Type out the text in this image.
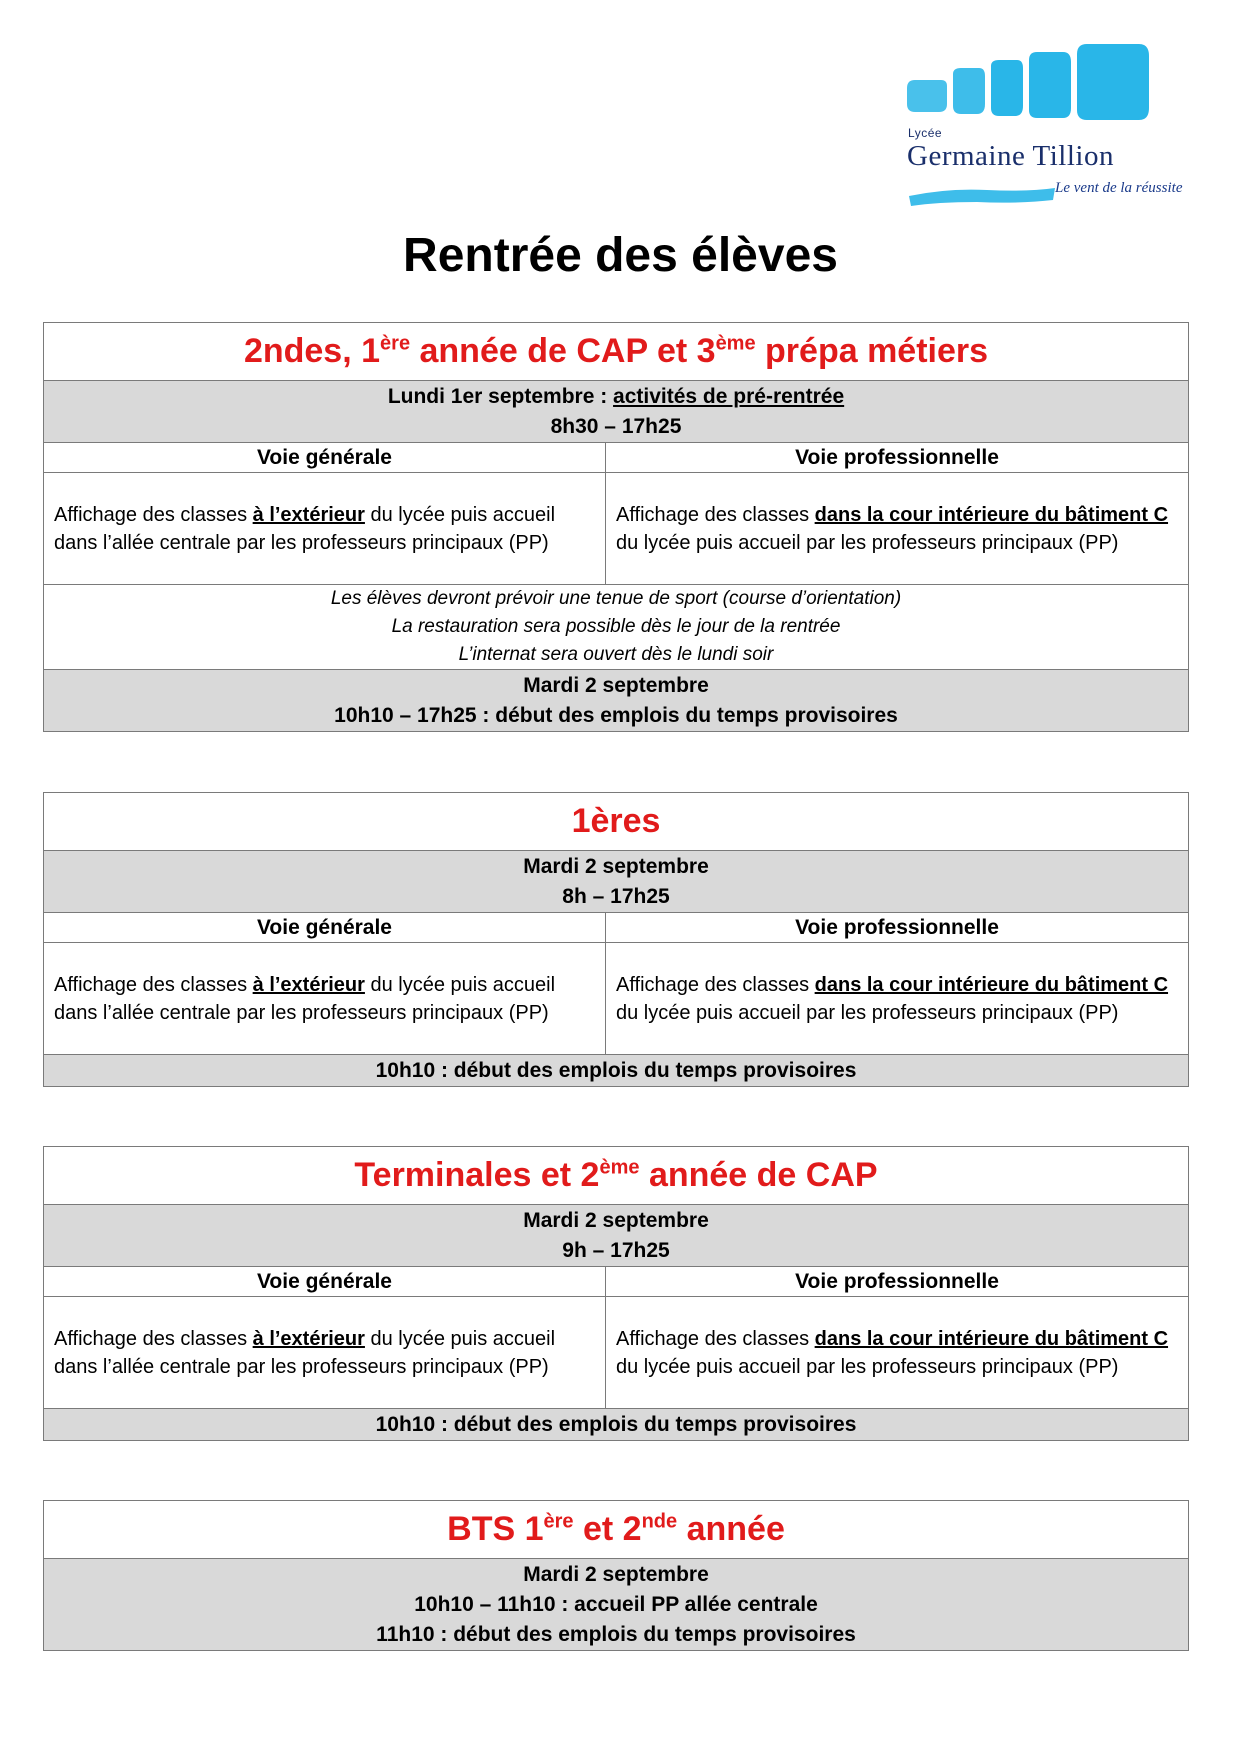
Lycée
Germaine Tillion
Le vent de la réussite
Rentrée des élèves
2ndes, 1ère année de CAP et 3ème prépa métiers	
Lundi 1er septembre : activités de pré-rentrée
8h30 – 17h25	
Voie générale	Voie professionnelle
Affichage des classes à l’extérieur du lycée puis accueil dans l’allée centrale par les professeurs principaux (PP)	Affichage des classes dans la cour intérieure du bâtiment C du lycée puis accueil par les professeurs principaux (PP)
Les élèves devront prévoir une tenue de sport (course d’orientation)
La restauration sera possible dès le jour de la rentrée
L’internat sera ouvert dès le lundi soir	
Mardi 2 septembre
10h10 – 17h25 : début des emplois du temps provisoires	
1ères	
Mardi 2 septembre
8h – 17h25	
Voie générale	Voie professionnelle
Affichage des classes à l’extérieur du lycée puis accueil dans l’allée centrale par les professeurs principaux (PP)	Affichage des classes dans la cour intérieure du bâtiment C du lycée puis accueil par les professeurs principaux (PP)
10h10 : début des emplois du temps provisoires	
Terminales et 2ème année de CAP	
Mardi 2 septembre
9h – 17h25	
Voie générale	Voie professionnelle
Affichage des classes à l’extérieur du lycée puis accueil dans l’allée centrale par les professeurs principaux (PP)	Affichage des classes dans la cour intérieure du bâtiment C du lycée puis accueil par les professeurs principaux (PP)
10h10 : début des emplois du temps provisoires	
BTS 1ère et 2nde année
Mardi 2 septembre
10h10 – 11h10 : accueil PP allée centrale
11h10 : début des emplois du temps provisoires
